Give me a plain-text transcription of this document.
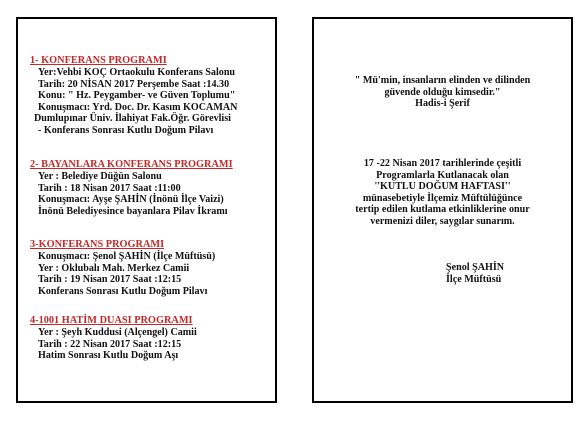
1- KONFERANS PROGRAMI

Yer:Vehbi KOÇ Ortaokulu Konferans Salonu

Tarih: 20 NİSAN 2017 Perşembe Saat :14.30

Konu: " Hz. Peygamber- ve Güven Toplumu"

Konuşmacı: Yrd. Doc. Dr. Kasım KOCAMAN

Dumlupınar Üniv. İlahiyat Fak.Öğr. Görevlisi

- Konferans Sonrası Kutlu Doğum Pilavı

2- BAYANLARA KONFERANS PROGRAMI

Yer : Belediye Düğün Salonu

Tarih : 18 Nisan 2017 Saat :11:00

Konuşmacı: Ayşe ŞAHİN (İnönü İlçe Vaizi)

İnönü Belediyesince bayanlara Pilav İkramı

3-KONFERANS PROGRAMI

Konuşmacı: Şenol ŞAHİN (İlçe Müftüsü)

Yer : Oklubalı Mah. Merkez Camii

Tarih : 19 Nisan 2017 Saat :12:15

Konferans Sonrası Kutlu Doğum Pilavı

4-1001 HATİM DUASI PROGRAMI

Yer : Şeyh Kuddusi (Alçengel) Camii

Tarih : 22 Nisan 2017 Saat :12:15

Hatim Sonrası Kutlu Doğum Aşı

" Mü'min, insanların elinden ve dilinden

güvende olduğu kimsedir."

Hadis-i Şerif

17 -22 Nisan 2017 tarihlerinde çeşitli

Programlarla Kutlanacak olan

''KUTLU DOĞUM HAFTASI''

münasebetiyle İlçemiz Müftülüğünce

tertip edilen kutlama etkinliklerine onur

vermenizi diler, saygılar sunarım.

Şenol ŞAHİN

İlçe Müftüsü
